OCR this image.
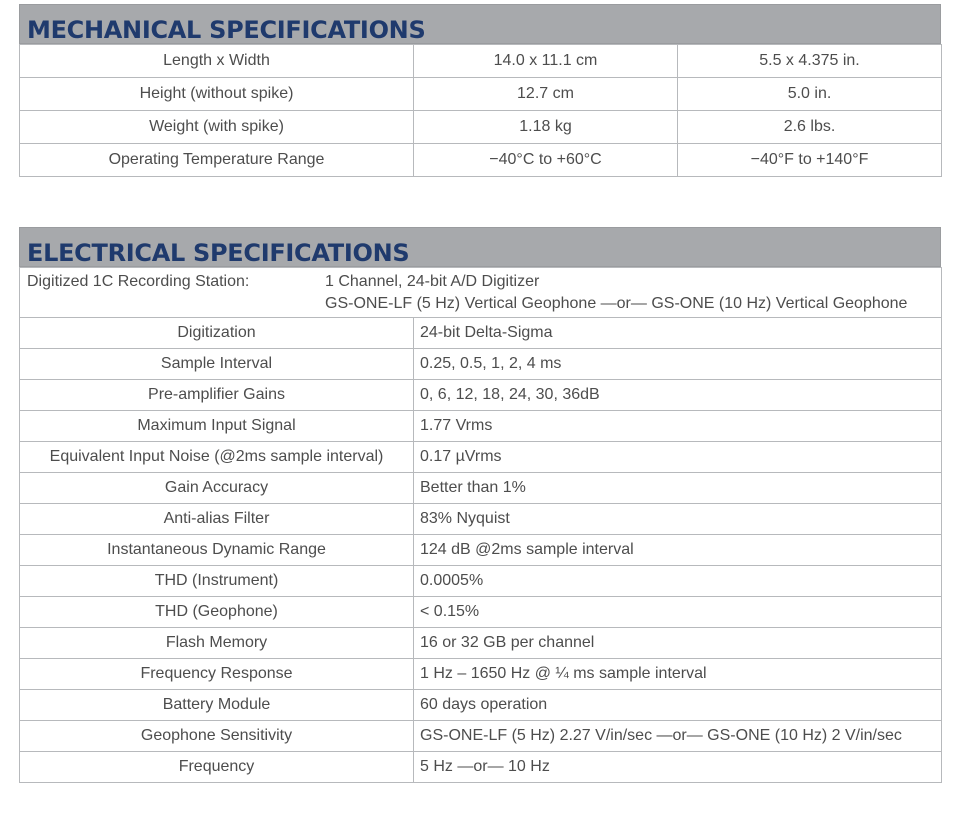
MECHANICAL SPECIFICATIONS
Length x Width	14.0 x 11.1 cm	5.5 x 4.375 in.
Height (without spike)	12.7 cm	5.0 in.
Weight (with spike)	1.18 kg	2.6 lbs.
Operating Temperature Range	−40°C to +60°C	−40°F to +140°F
ELECTRICAL SPECIFICATIONS
Digitized 1C Recording Station: 1 Channel, 24-bit A/D Digitizer
GS-ONE-LF (5 Hz) Vertical Geophone —or— GS-ONE (10 Hz) Vertical Geophone	

Digitization	24-bit Delta-Sigma
Sample Interval	0.25, 0.5, 1, 2, 4 ms
Pre-amplifier Gains	0, 6, 12, 18, 24, 30, 36dB
Maximum Input Signal	1.77 Vrms
Equivalent Input Noise (@2ms sample interval)	0.17 µVrms
Gain Accuracy	Better than 1%
Anti-alias Filter	83% Nyquist
Instantaneous Dynamic Range	124 dB @2ms sample interval
THD (Instrument)	0.0005%
THD (Geophone)	< 0.15%
Flash Memory	16 or 32 GB per channel
Frequency Response	1 Hz – 1650 Hz @ ¼ ms sample interval
Battery Module	60 days operation
Geophone Sensitivity	GS-ONE-LF (5 Hz) 2.27 V/in/sec —or— GS-ONE (10 Hz) 2 V/in/sec
Frequency	5 Hz —or— 10 Hz
